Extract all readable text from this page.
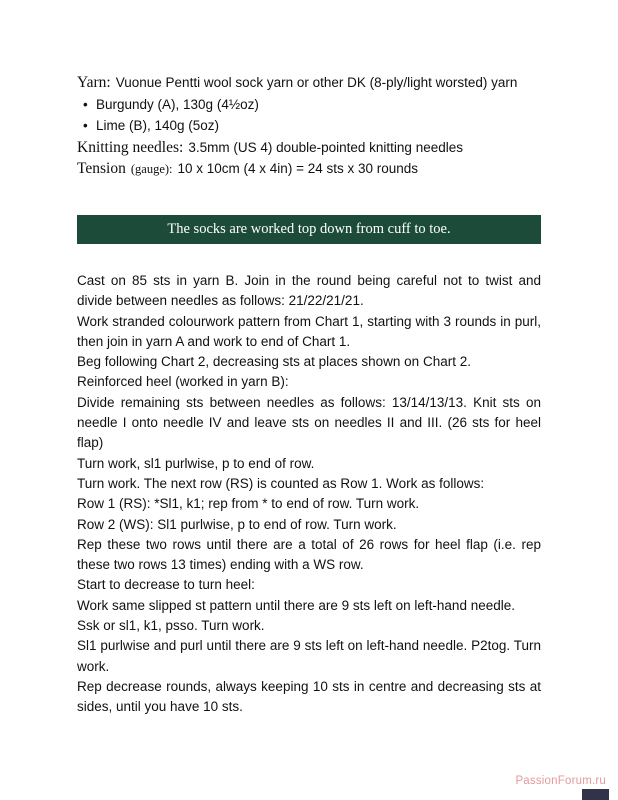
Yarn: Vuonue Pentti wool sock yarn or other DK (8-ply/light worsted) yarn
• Burgundy (A), 130g (4½oz)
• Lime (B), 140g (5oz)
Knitting needles: 3.5mm (US 4) double-pointed knitting needles
Tension (gauge): 10 x 10cm (4 x 4in) = 24 sts x 30 rounds
The socks are worked top down from cuff to toe.
Cast on 85 sts in yarn B. Join in the round being careful not to twist and divide between needles as follows: 21/22/21/21.
Work stranded colourwork pattern from Chart 1, starting with 3 rounds in purl, then join in yarn A and work to end of Chart 1.
Beg following Chart 2, decreasing sts at places shown on Chart 2.
Reinforced heel (worked in yarn B):
Divide remaining sts between needles as follows: 13/14/13/13. Knit sts on needle I onto needle IV and leave sts on needles II and III. (26 sts for heel flap)
Turn work, sl1 purlwise, p to end of row.
Turn work. The next row (RS) is counted as Row 1. Work as follows:
Row 1 (RS): *Sl1, k1; rep from * to end of row. Turn work.
Row 2 (WS): Sl1 purlwise, p to end of row. Turn work.
Rep these two rows until there are a total of 26 rows for heel flap (i.e. rep these two rows 13 times) ending with a WS row.
Start to decrease to turn heel:
Work same slipped st pattern until there are 9 sts left on left-hand needle.
Ssk or sl1, k1, psso. Turn work.
Sl1 purlwise and purl until there are 9 sts left on left-hand needle. P2tog. Turn work.
Rep decrease rounds, always keeping 10 sts in centre and decreasing sts at sides, until you have 10 sts.
PassionForum.ru
